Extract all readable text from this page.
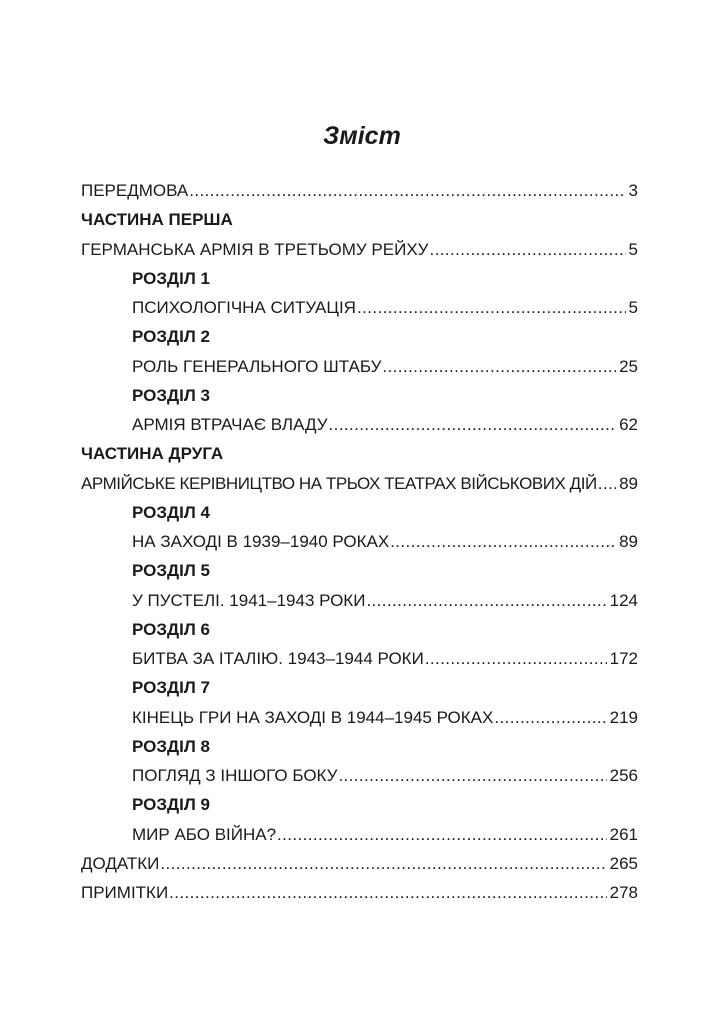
Зміст
ПЕРЕДМОВА .....	3
ЧАСТИНА ПЕРША
ГЕРМАНСЬКА АРМІЯ В ТРЕТЬОМУ РЕЙХУ .....	5
РОЗДІЛ 1
ПСИХОЛОГІЧНА СИТУАЦІЯ .....	5
РОЗДІЛ 2
РОЛЬ ГЕНЕРАЛЬНОГО ШТАБУ .....	25
РОЗДІЛ 3
АРМІЯ ВТРАЧАЄ ВЛАДУ .....	62
ЧАСТИНА ДРУГА
АРМІЙСЬКЕ КЕРІВНИЦТВО НА ТРЬОХ ТЕАТРАХ ВІЙСЬКОВИХ ДІЙ ..... 89
РОЗДІЛ 4
НА ЗАХОДІ В 1939–1940 РОКАХ .....	89
РОЗДІЛ 5
У ПУСТЕЛІ. 1941–1943 РОКИ .....	124
РОЗДІЛ 6
БИТВА ЗА ІТАЛІЮ. 1943–1944 РОКИ .....	172
РОЗДІЛ 7
КІНЕЦЬ ГРИ НА ЗАХОДІ В 1944–1945 РОКАХ .....	219
РОЗДІЛ 8
ПОГЛЯД З ІНШОГО БОКУ .....	256
РОЗДІЛ 9
МИР АБО ВІЙНА? .....	261
ДОДАТКИ .....	265
ПРИМІТКИ .....	278
